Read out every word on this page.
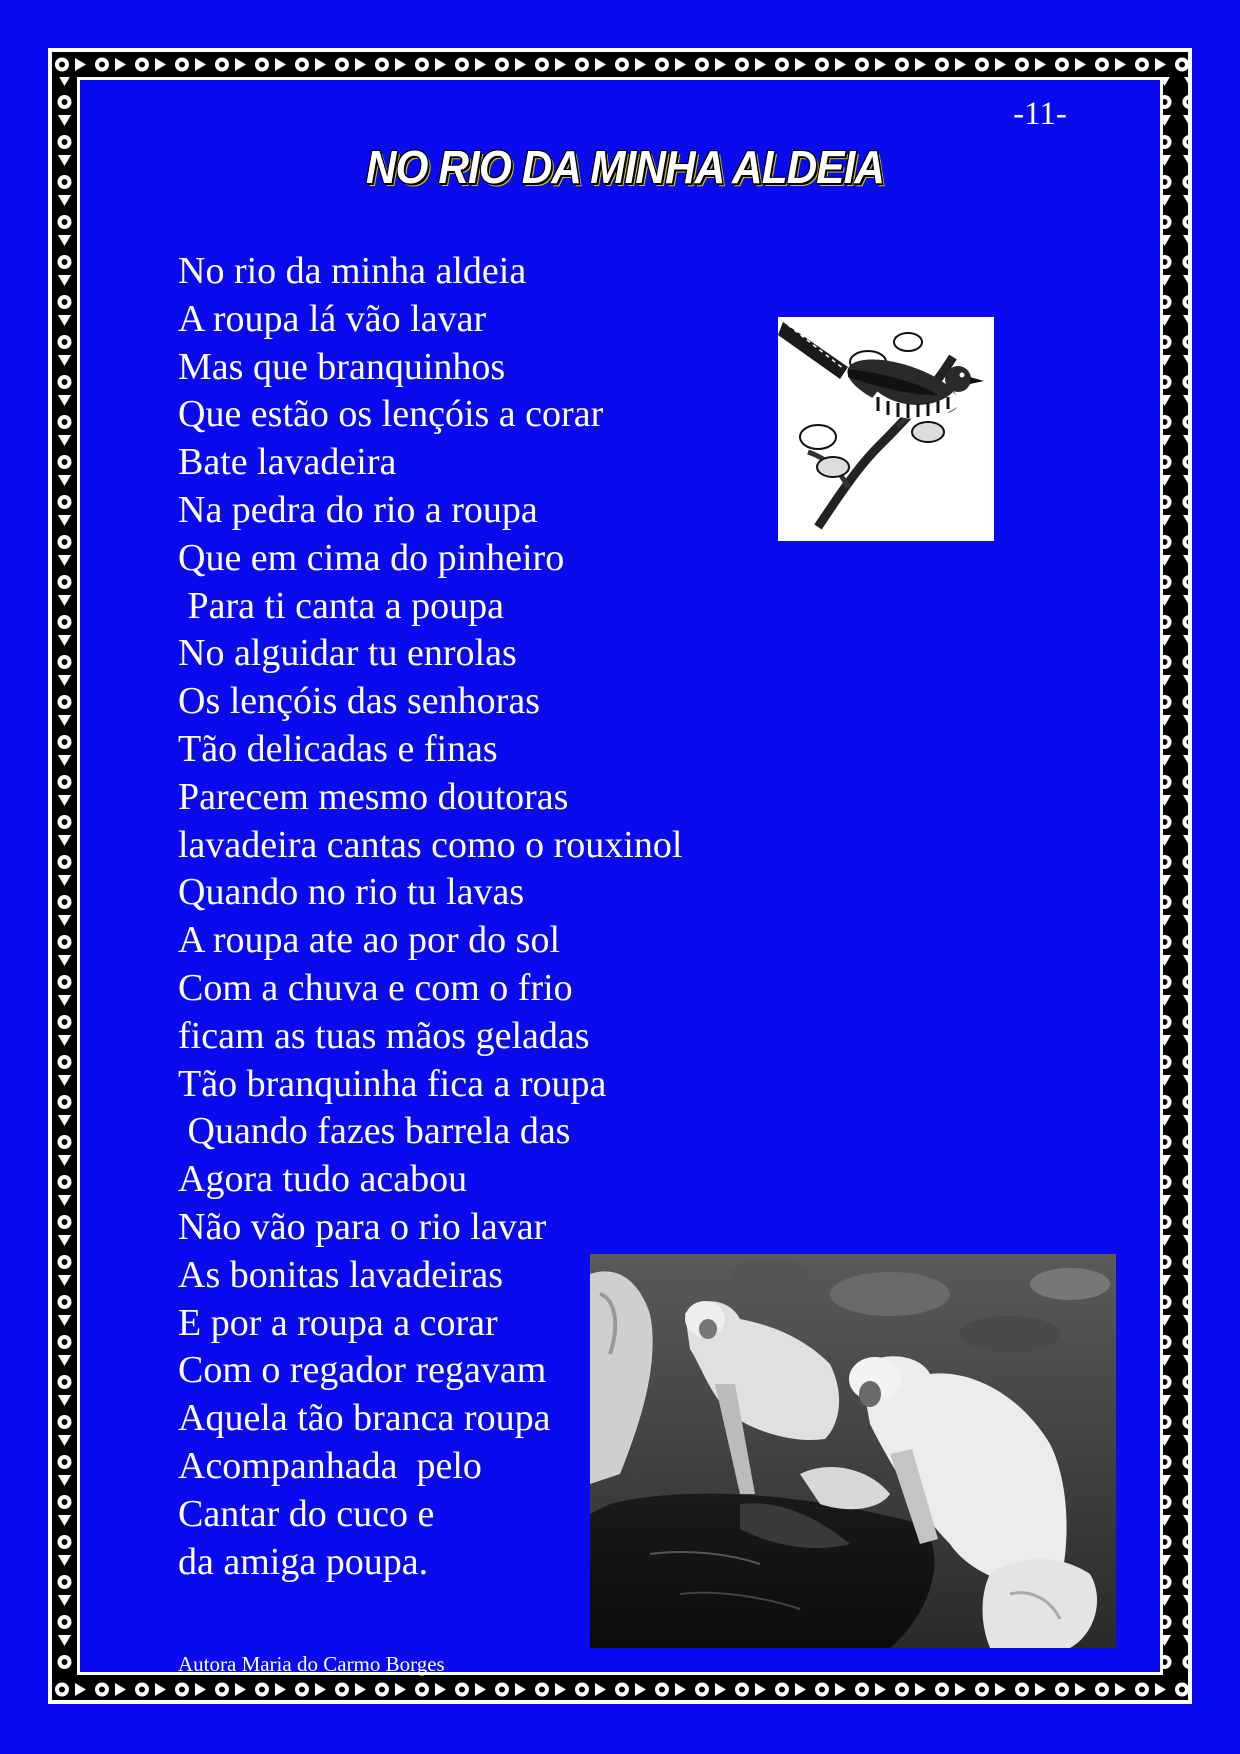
-11-
NO RIO DA MINHA ALDEIA
No rio da minha aldeia
A roupa lá vão lavar
Mas que branquinhos
Que estão os lençóis a corar
Bate lavadeira
Na pedra do rio a roupa
Que em cima do pinheiro
Para ti canta a poupa
No alguidar tu enrolas
Os lençóis das senhoras
Tão delicadas e finas
Parecem mesmo doutoras
lavadeira cantas como o rouxinol
Quando no rio tu lavas
A roupa ate ao por do sol
Com a chuva e com o frio
ficam as tuas mãos geladas
Tão branquinha fica a roupa
Quando fazes barrela das
Agora tudo acabou
Não vão para o rio lavar
As bonitas lavadeiras
E por a roupa a corar
Com o regador regavam
Aquela tão branca roupa
Acompanhada  pelo
Cantar do cuco e
da amiga poupa.
Autora Maria do Carmo Borges
